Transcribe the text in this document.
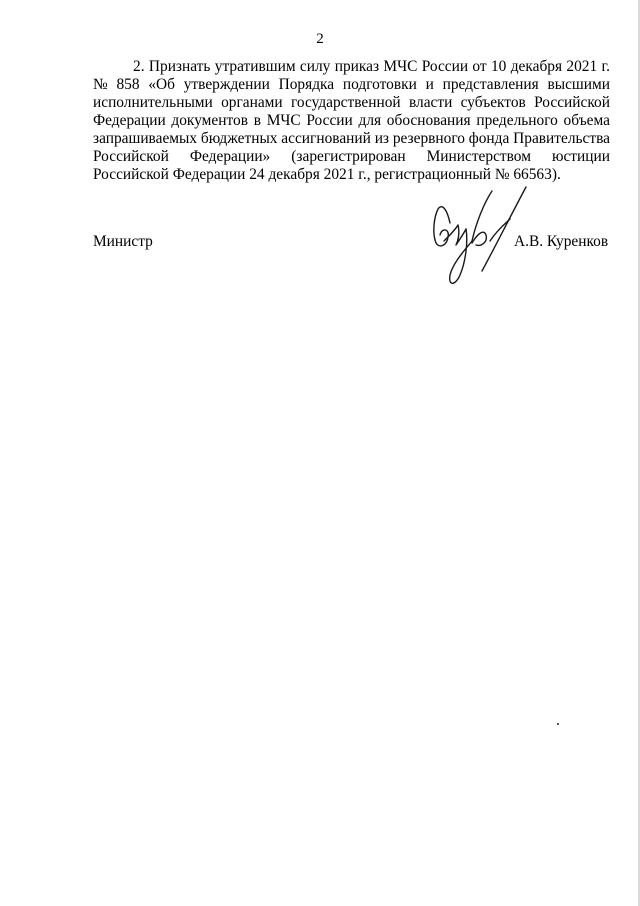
2
2. Признать утратившим силу приказ МЧС России от 10 декабря 2021 г.
№ 858 «Об утверждении Порядка подготовки и представления высшими
исполнительными органами государственной власти субъектов Российской
Федерации документов в МЧС России для обоснования предельного объема
запрашиваемых бюджетных ассигнований из резервного фонда Правительства
Российской Федерации» (зарегистрирован Министерством юстиции
Российской Федерации 24 декабря 2021 г., регистрационный № 66563).
Министр	А.В. Куренков
